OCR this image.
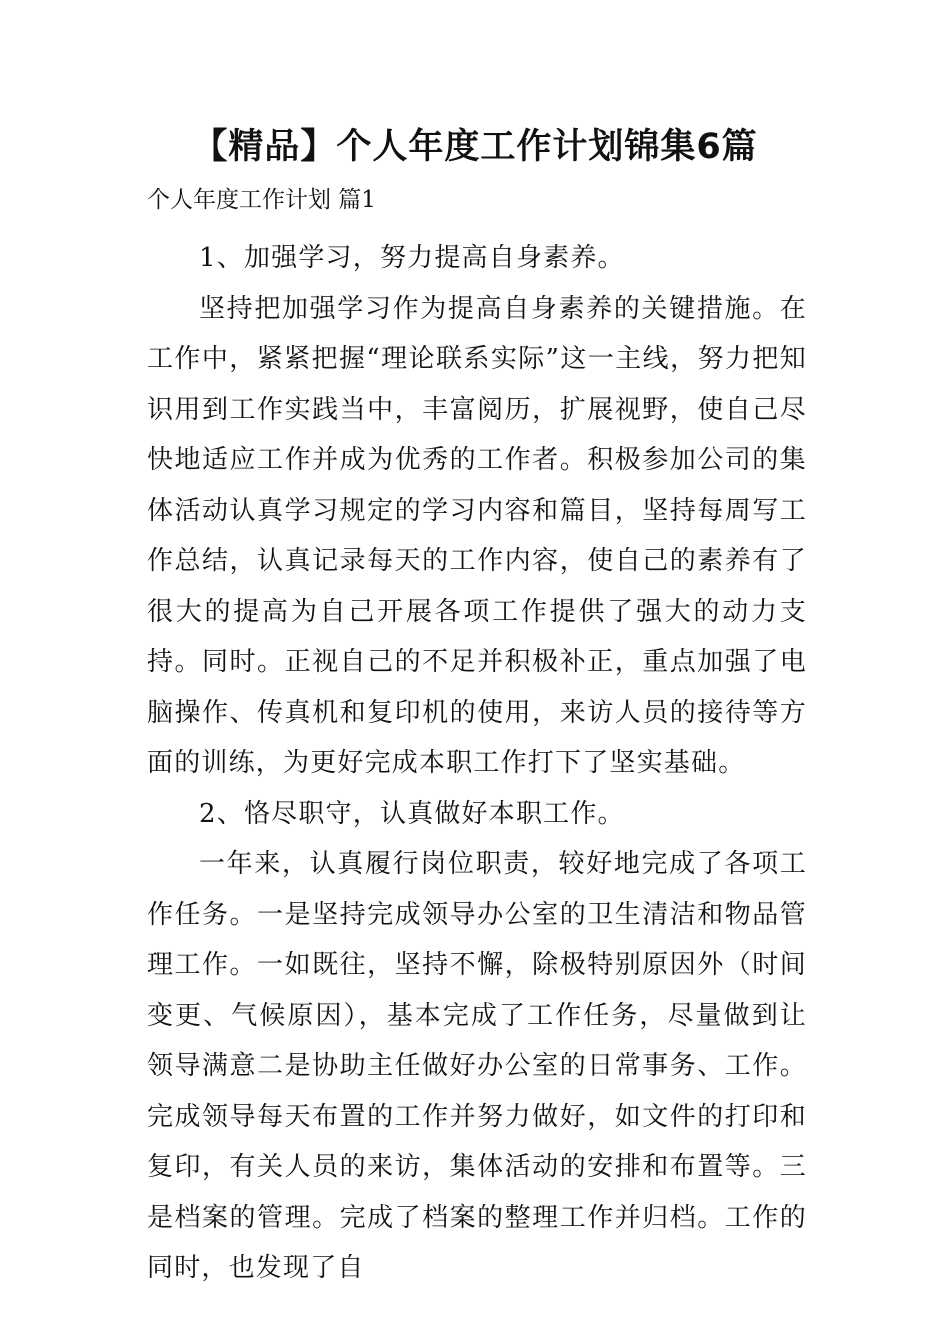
【精品】个人年度工作计划锦集6篇

个人年度工作计划 篇1

1、加强学习，努力提高自身素养。

坚持把加强学习作为提高自身素养的关键措施。在工作中，紧紧把握“理论联系实际”这一主线，努力把知识用到工作实践当中，丰富阅历，扩展视野，使自己尽快地适应工作并成为优秀的工作者。积极参加公司的集体活动认真学习规定的学习内容和篇目，坚持每周写工作总结，认真记录每天的工作内容，使自己的素养有了很大的提高为自己开展各项工作提供了强大的动力支持。同时。正视自己的不足并积极补正，重点加强了电脑操作、传真机和复印机的使用，来访人员的接待等方面的训练，为更好完成本职工作打下了坚实基础。

2、恪尽职守，认真做好本职工作。

一年来，认真履行岗位职责，较好地完成了各项工作任务。一是坚持完成领导办公室的卫生清洁和物品管理工作。一如既往，坚持不懈，除极特别原因外（时间变更、气候原因），基本完成了工作任务，尽量做到让领导满意二是协助主任做好办公室的日常事务、工作。完成领导每天布置的工作并努力做好，如文件的打印和复印，有关人员的来访，集体活动的安排和布置等。三是档案的管理。完成了档案的整理工作并归档。工作的同时，也发现了自
